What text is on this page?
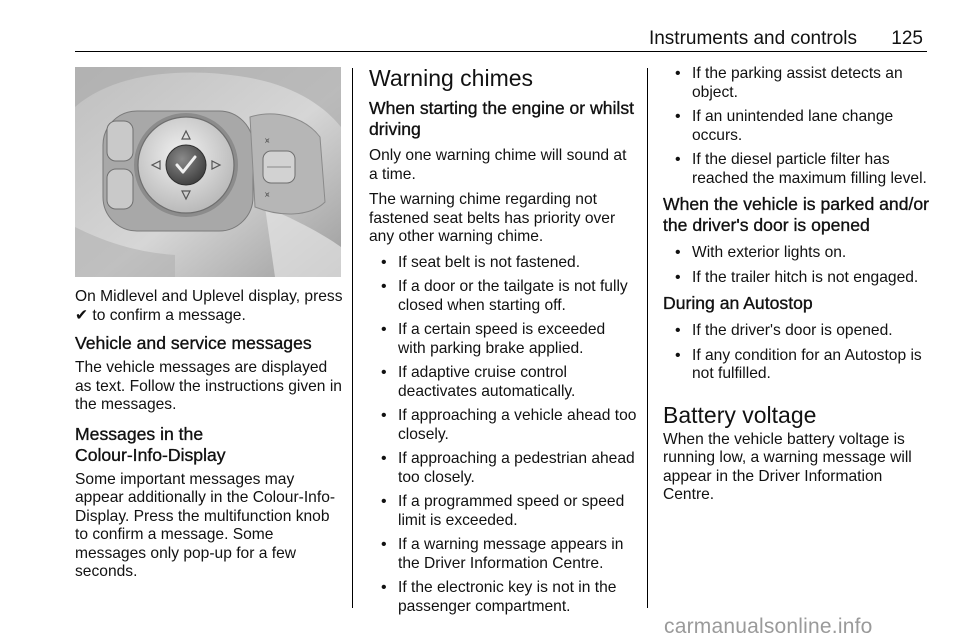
Instruments and controls 125
⩙
⩙

On Midlevel and Uplevel display, press ✔ to confirm a message.

Vehicle and service messages

The vehicle messages are displayed as text. Follow the instructions given in the messages.

Messages in the
Colour-Info-Display

Some important messages may appear additionally in the Colour-Info-Display. Press the multifunction knob to confirm a message. Some messages only pop-up for a few seconds.

Warning chimes
When starting the engine or whilst driving

Only one warning chime will sound at a time.

The warning chime regarding not fastened seat belts has priority over any other warning chime.

• If seat belt is not fastened.
• If a door or the tailgate is not fully closed when starting off.
• If a certain speed is exceeded with parking brake applied.
• If adaptive cruise control deactivates automatically.
• If approaching a vehicle ahead too closely.
• If approaching a pedestrian ahead too closely.
• If a programmed speed or speed limit is exceeded.
• If a warning message appears in the Driver Information Centre.
• If the electronic key is not in the passenger compartment.
• If the parking assist detects an object.
• If an unintended lane change occurs.
• If the diesel particle filter has reached the maximum filling level.
When the vehicle is parked and/or the driver's door is opened
• With exterior lights on.
• If the trailer hitch is not engaged.
During an Autostop
• If the driver's door is opened.
• If any condition for an Autostop is not fulfilled.
Battery voltage

When the vehicle battery voltage is running low, a warning message will appear in the Driver Information Centre.

carmanualsonline.info
